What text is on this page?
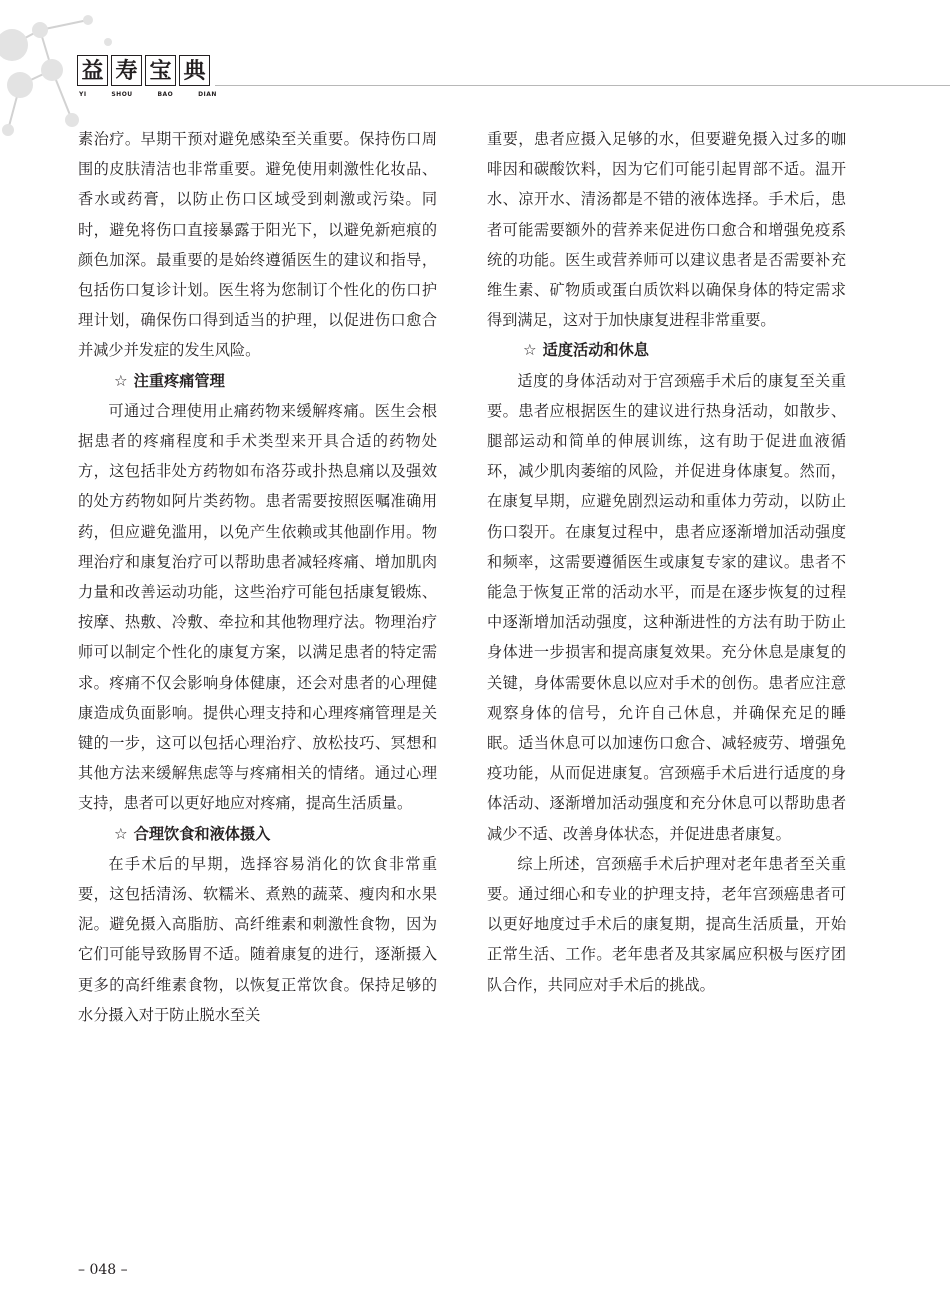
益 寿 宝 典
YI	SHOU	BAO	DIAN

素治疗。早期干预对避免感染至关重要。保持伤口周围的皮肤清洁也非常重要。避免使用刺激性化妆品、香水或药膏，以防止伤口区域受到刺激或污染。同时，避免将伤口直接暴露于阳光下，以避免新疤痕的颜色加深。最重要的是始终遵循医生的建议和指导，包括伤口复诊计划。医生将为您制订个性化的伤口护理计划，确保伤口得到适当的护理，以促进伤口愈合并减少并发症的发生风险。

☆ 注重疼痛管理

可通过合理使用止痛药物来缓解疼痛。医生会根据患者的疼痛程度和手术类型来开具合适的药物处方，这包括非处方药物如布洛芬或扑热息痛以及强效的处方药物如阿片类药物。患者需要按照医嘱准确用药，但应避免滥用，以免产生依赖或其他副作用。物理治疗和康复治疗可以帮助患者减轻疼痛、增加肌肉力量和改善运动功能，这些治疗可能包括康复锻炼、按摩、热敷、冷敷、牵拉和其他物理疗法。物理治疗师可以制定个性化的康复方案，以满足患者的特定需求。疼痛不仅会影响身体健康，还会对患者的心理健康造成负面影响。提供心理支持和心理疼痛管理是关键的一步，这可以包括心理治疗、放松技巧、冥想和其他方法来缓解焦虑等与疼痛相关的情绪。通过心理支持，患者可以更好地应对疼痛，提高生活质量。

☆ 合理饮食和液体摄入

在手术后的早期，选择容易消化的饮食非常重要，这包括清汤、软糯米、煮熟的蔬菜、瘦肉和水果泥。避免摄入高脂肪、高纤维素和刺激性食物，因为它们可能导致肠胃不适。随着康复的进行，逐渐摄入更多的高纤维素食物，以恢复正常饮食。保持足够的水分摄入对于防止脱水至关

重要，患者应摄入足够的水，但要避免摄入过多的咖啡因和碳酸饮料，因为它们可能引起胃部不适。温开水、凉开水、清汤都是不错的液体选择。手术后，患者可能需要额外的营养来促进伤口愈合和增强免疫系统的功能。医生或营养师可以建议患者是否需要补充维生素、矿物质或蛋白质饮料以确保身体的特定需求得到满足，这对于加快康复进程非常重要。

☆ 适度活动和休息

适度的身体活动对于宫颈癌手术后的康复至关重要。患者应根据医生的建议进行热身活动，如散步、腿部运动和简单的伸展训练，这有助于促进血液循环，减少肌肉萎缩的风险，并促进身体康复。然而，在康复早期，应避免剧烈运动和重体力劳动，以防止伤口裂开。在康复过程中，患者应逐渐增加活动强度和频率，这需要遵循医生或康复专家的建议。患者不能急于恢复正常的活动水平，而是在逐步恢复的过程中逐渐增加活动强度，这种渐进性的方法有助于防止身体进一步损害和提高康复效果。充分休息是康复的关键，身体需要休息以应对手术的创伤。患者应注意观察身体的信号，允许自己休息，并确保充足的睡眠。适当休息可以加速伤口愈合、减轻疲劳、增强免疫功能，从而促进康复。宫颈癌手术后进行适度的身体活动、逐渐增加活动强度和充分休息可以帮助患者减少不适、改善身体状态，并促进患者康复。

综上所述，宫颈癌手术后护理对老年患者至关重要。通过细心和专业的护理支持，老年宫颈癌患者可以更好地度过手术后的康复期，提高生活质量，开始正常生活、工作。老年患者及其家属应积极与医疗团队合作，共同应对手术后的挑战。

– 048 –
